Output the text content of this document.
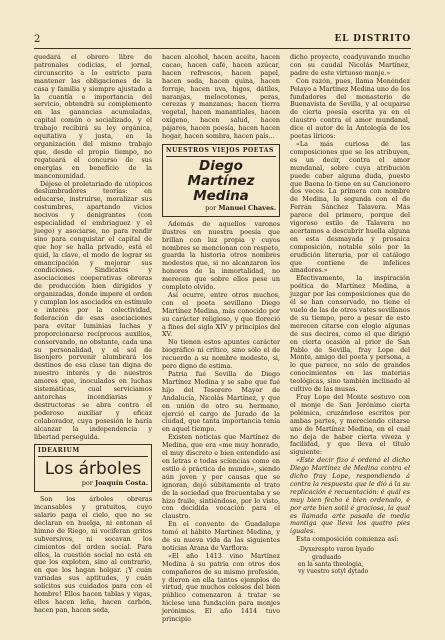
2	EL DISTRITO

quedará el obrero libre de patronales codicias, el jornal, circunscrito a lo estricto para mantener las obligaciones de la casa y familia y siempre ajustado a la cuantía e importancia del servicio, obtendrá su complemento en las ganancias acumuladas, capital común o socializado, y el trabajo recibirá su ley orgánica, equitativa y justa, en la organización del mismo trabajo que, desde el propio tiempo, no regateará el concurso de sus energías en beneficio de la mancomunidad.

Déjese el proletariado de utópicos deslumbradores teorías: en educarse, instruirse, moralizar sus costumbres, apartando vicios nocivos y denigrantes (con especialidad el embriaguez y el juego) y asociarse, no para rendir sino para conquistar el capital de que hoy se halla privado, está el quid, la clave, el modo de lograr su emancipación y mejorar sus condiciones. Sindicatos y asociaciones cooperativas obreras de producción bien dirigidos y organizadas, donde impere el orden y cumplan los asociados en estímulo e interés por la colectividad, federación de esas asociaciones para evitar luminias luchas y proporcionarse recíprocos auxilios, conservando, no obstante, cada una su personalidad, y el sol de lisonjero porvenir alumbrará los destinos de esa clase tan digna de nuestro interés y de nuestros amores que, inoculados en luchas sistemáticas, cual serviciamos antorchas incendiarias y destructoras se abra contra el poderoso auxiliar y eficaz colaborador, cuya posesión le haría alcanzar la independencia y libertad perseguida.

IDEARIUM
Los árboles
por Joaquín Costa.

Son los árboles obreras incansables y gratuitos, cuyo salario paga el cielo, que no se declaran en huelga, ni entonan el himno de Riego, ni vociferan gritos subversivos, ni socavan los cimientos del orden social. Para ellos, la cuestión social no está en que los exploten, sino al contrario, en que los hagan holgar. ¡Y cuán variadas sus aptitudes, y cuán solícitos sus cuidados para con el hombre! Ellos hacen tablas y vigas, ellos hacen leña, hacen carbón, hacen pan, hacen seda,

hacen alcohol, hacen aceite, hacen cacao, hacen café, hacen azúcar, hacen refrescos, hacen papel, hacen seda, hacen quina, hacen forraje, hacen uva, higos, dátiles, naranjas, melocotones, peras, cerezas y manzanas; hacen tierra vegetal, hacen manantiales, hacen oxígeno, hacen salud, hacen pájaros, hacen poesía, hacen hacen hogar, hacen sombra, hacen país...

NUESTROS VIEJOS POETAS
Diego Martínez Medina
por Manuel Chaves.

Además de aquellos varones ilustres en nuestra poesía que brillan con luz propia y cuyos nombres se mencionan con respeto, guarda la historia otros nombres modestos que, si no alcanzaron los honores de la inmortalidad, no merecen que sobre ellos pese un completo olvido.

Así ocurre, entre otros muchos, con el poeta sevillano Diego Martínez Medina, más conocido por su carácter religioso, y que floreció a fines del siglo XIV y principios del XV.

No tienen estos apuntes carácter biográfico ni crítico, sino sólo el de recuerdo a su nombre modesto, si, pero digno de estima.

Patria fué Sevilla de Diego Martínez Medina y se sabe que fué hijo del Tesorero Mayor de Andalucía, Nicolás Martínez, y que en unión de otro su hermano, ejerció el cargo de Jurado de la ciudad, que tanta importancia tenía en aquel tiempo.

Existen noticias que Martínez de Medina, que era «me muy honrado, el muy discreto e bien entendido así en letras e todas sciencias como en estilo é práctica de mundo», siendo aún joven y por causas que se ignoran, dejó súbitamente el trato de la sociedad que frecuentaba y se hizo fraile, sintiéndose, por lo visto, con decidida vocación para el claustro.

En el convento de Guadalupe tomó el hábito Martínez Medina, y de su nueva vida da las siguientes noticias Arana de Varflora:

«El año 1413 vino Martínez Medina á su patria con otros dos compañeros de su mismo profesión, y dieron en ella tantos ejemplos de virtud, que muchos celosos del bien público comenzaron á tratar se hiciese una fundación para monjes jerónimos. El año 1414 tuvo principio

dicho proyecto, coadyuvando mucho con su caudal Nicolás Martínez, padre de este virtuoso monje.»

Con razón, pues, llama Menéndez Pelayo a Martínez Medina uno de los fundadores del monasterio de Buenavista de Sevilla, y al ocuparse de cierta poesía escrita ya en el claustro contra el amor mundanal, dice el autor de la Antología de los poetas líricos:

«La más curiosa de las composiciones que se les atribuyen, es un decir, contra el amor mundanal, sobre cuya atribución puede caber alguna duda, puesto que Baena lo tiene en su Cancionero dos veces. La primera con nombre de Medina, la segunda con el de Ferrán Sánchez Talavera. Más parece del primero, porque del vigoroso estilo de Talavera no acertamos a descubrir huella alguna en esta desmayada y prosaica composición, notable sólo por la erudición literaria, por el catálogo que contiene de infelices amadores.»

Efectivamente, la inspiración poética de Martínez Medina, a juzgar por las composiciones que de él se han conservado, no tiene el vuelo de las de otros vates sevillanos de su tiempo, pero a pesar de esto merecen citarse con elogio algunas de sus decires, como el que dirigió en cierta ocasión al prior de San Pablo de Sevilla, fray Lope del Monte, amigo del poeta y persona, a lo que parece, no sólo de grandes conocimientos en las materias teológicas, sino también inclinado al cultivo de las musas.

Fray Lope del Monte sostuvo con el monje de San Jerónimo cierta polémica, cruzándose escritos por ambas partes, y mereciendo citarse uno de Martínez Medina, en el cual no deja de haber cierta viveza y facilidad, y que lleva el título siguiente:

«Este decir fizo é ordenó el dicho Diego Martínez de Medina contra el dicho fray Lope, respondiendo á contra la respuesta que le dió á la su replicación é recuentación: é quál es muy bien fecho é bien ordenado, é por arte bien sotil é graciosa, la qual es llamada arte pasada de media mantiga que lleva los quatro pies iguales.

Esta composición comienza así:

-Dyxerespto varon byado
graduado
en la santa theologia,
vy vuestro sotyl dytado
